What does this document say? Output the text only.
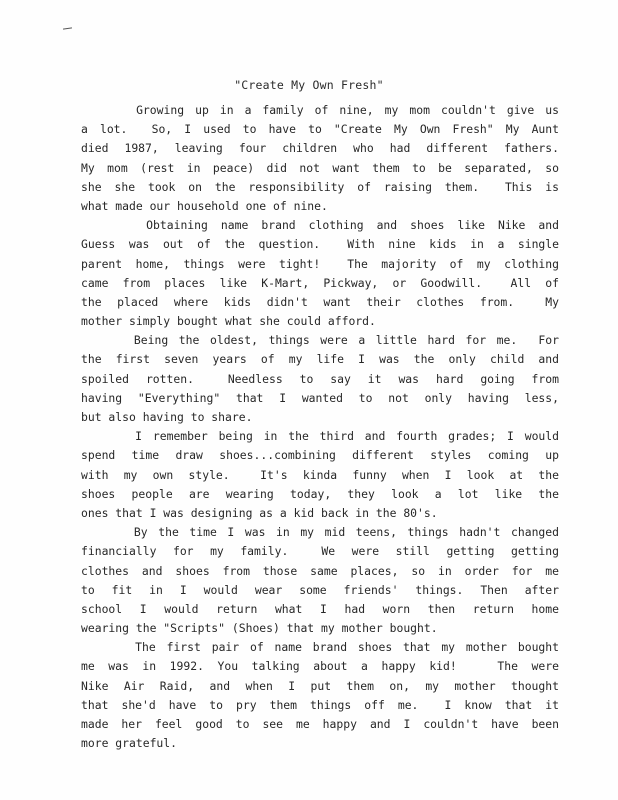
"Create My Own Fresh"
Growing up in a family of nine, my mom couldn't give us
a lot.  So, I used to have to "Create My Own Fresh" My Aunt
died 1987, leaving four children who had different fathers.
My mom (rest in peace) did not want them to be separated, so
she she took on the responsibility of raising them.  This is
what made our household one of nine.
Obtaining name brand clothing and shoes like Nike and
Guess was out of the question.  With nine kids in a single
parent home, things were tight!  The majority of my clothing
came from places like K-Mart, Pickway, or Goodwill.  All of
the placed where kids didn't want their clothes from.  My
mother simply bought what she could afford.
Being the oldest, things were a little hard for me.  For
the first seven years of my life I was the only child and
spoiled rotten.  Needless to say it was hard going from
having "Everything" that I wanted to not only having less,
but also having to share.
I remember being in the third and fourth grades; I would
spend time draw shoes...combining different styles coming up
with my own style.  It's kinda funny when I look at the
shoes people are wearing today, they look a lot like the
ones that I was designing as a kid back in the 80's.
By the time I was in my mid teens, things hadn't changed
financially for my family.  We were still getting getting
clothes and shoes from those same places, so in order for me
to fit in I would wear some friends' things. Then after
school I would return what I had worn then return home
wearing the "Scripts" (Shoes) that my mother bought.
The first pair of name brand shoes that my mother bought
me was in 1992. You talking about a happy kid!   The were
Nike Air Raid, and when I put them on, my mother thought
that she'd have to pry them things off me.  I know that it
made her feel good to see me happy and I couldn't have been
more grateful.
